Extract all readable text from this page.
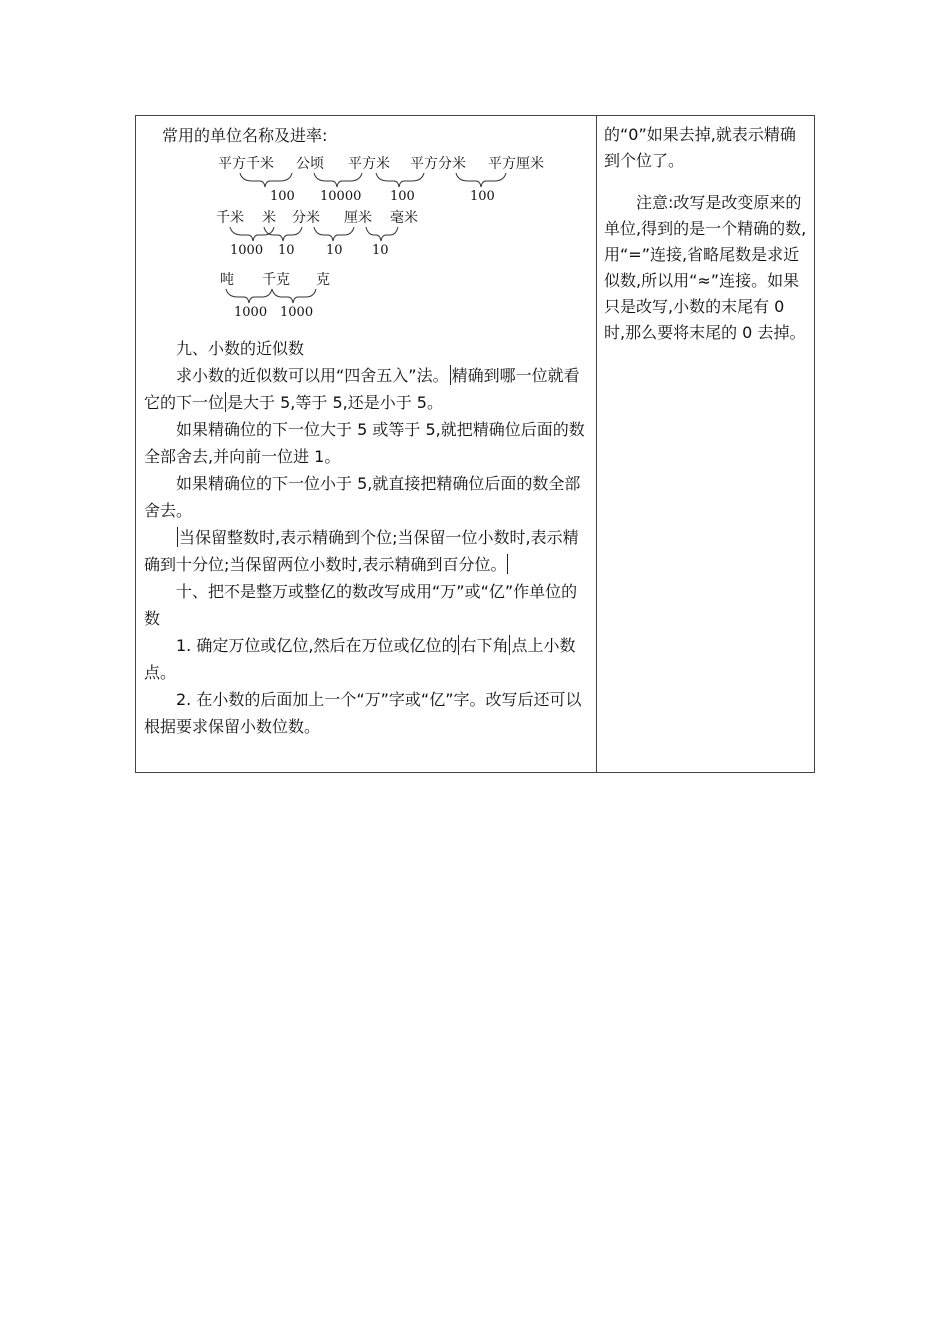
常用的单位名称及进率:

平方千米 公顷 平方米 平方分米 平方厘米
100 10000 100	100
千米 米 分米 厘米 毫米
1000 10 10 10
吨 千克 克
1000 1000

九、小数的近似数

求小数的近似数可以用“四舍五入”法。 精确到哪一位就看它的下一位 是大于 5,等于 5,还是小于 5。

如果精确位的下一位大于 5 或等于 5,就把精确位后面的数全部舍去,并向前一位进 1。

如果精确位的下一位小于 5,就直接把精确位后面的数全部舍去。

当保留整数时,表示精确到个位;当保留一位小数时,表示精确到十分位;当保留两位小数时,表示精确到百分位。

十、把不是整万或整亿的数改写成用“万”或“亿”作单位的数

1. 确定万位或亿位,然后在万位或亿位的 右下角 点上小数点。

2. 在小数的后面加上一个“万”字或“亿”字。改写后还可以根据要求保留小数位数。

的“0”如果去掉,就表示精确到个位了。

注意:改写是改变原来的单位,得到的是一个精确的数,用“=”连接,省略尾数是求近似数,所以用“≈”连接。如果只是改写,小数的末尾有 0 时,那么要将末尾的 0 去掉。
